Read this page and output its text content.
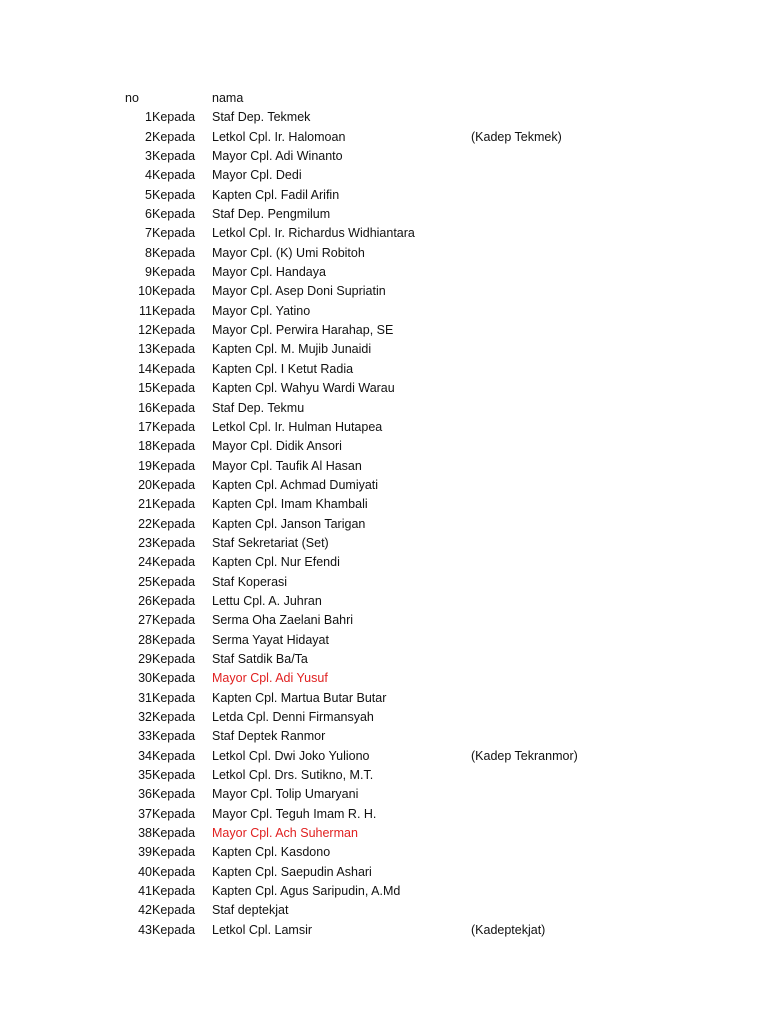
no	nama
1 Kepada Staf Dep. Tekmek
2 Kepada Letkol Cpl. Ir. Halomoan	(Kadep Tekmek)
3 Kepada Mayor Cpl. Adi Winanto
4 Kepada Mayor Cpl. Dedi
5 Kepada Kapten Cpl. Fadil Arifin
6 Kepada Staf Dep. Pengmilum
7 Kepada Letkol Cpl. Ir. Richardus Widhiantara
8 Kepada Mayor Cpl. (K) Umi Robitoh
9 Kepada Mayor Cpl. Handaya
10 Kepada Mayor Cpl. Asep Doni Supriatin
11 Kepada Mayor Cpl. Yatino
12 Kepada Mayor Cpl. Perwira Harahap, SE
13 Kepada Kapten Cpl. M. Mujib Junaidi
14 Kepada Kapten Cpl. I Ketut Radia
15 Kepada Kapten Cpl. Wahyu Wardi Warau
16 Kepada Staf Dep. Tekmu
17 Kepada Letkol Cpl. Ir. Hulman Hutapea
18 Kepada Mayor Cpl. Didik Ansori
19 Kepada Mayor Cpl. Taufik Al Hasan
20 Kepada Kapten Cpl. Achmad Dumiyati
21 Kepada Kapten Cpl. Imam Khambali
22 Kepada Kapten Cpl. Janson Tarigan
23 Kepada Staf Sekretariat (Set)
24 Kepada Kapten Cpl. Nur Efendi
25 Kepada Staf Koperasi
26 Kepada Lettu Cpl. A. Juhran
27 Kepada Serma Oha Zaelani Bahri
28 Kepada Serma Yayat Hidayat
29 Kepada Staf Satdik Ba/Ta
30 Kepada Mayor Cpl. Adi Yusuf
31 Kepada Kapten Cpl. Martua Butar Butar
32 Kepada Letda Cpl. Denni Firmansyah
33 Kepada Staf Deptek Ranmor
34 Kepada Letkol Cpl. Dwi Joko Yuliono	(Kadep Tekranmor)
35 Kepada Letkol Cpl. Drs. Sutikno, M.T.
36 Kepada Mayor Cpl. Tolip Umaryani
37 Kepada Mayor Cpl. Teguh Imam R. H.
38 Kepada Mayor Cpl. Ach Suherman
39 Kepada Kapten Cpl. Kasdono
40 Kepada Kapten Cpl. Saepudin Ashari
41 Kepada Kapten Cpl. Agus Saripudin, A.Md
42 Kepada Staf deptekjat
43 Kepada Letkol Cpl. Lamsir	(Kadeptekjat)
